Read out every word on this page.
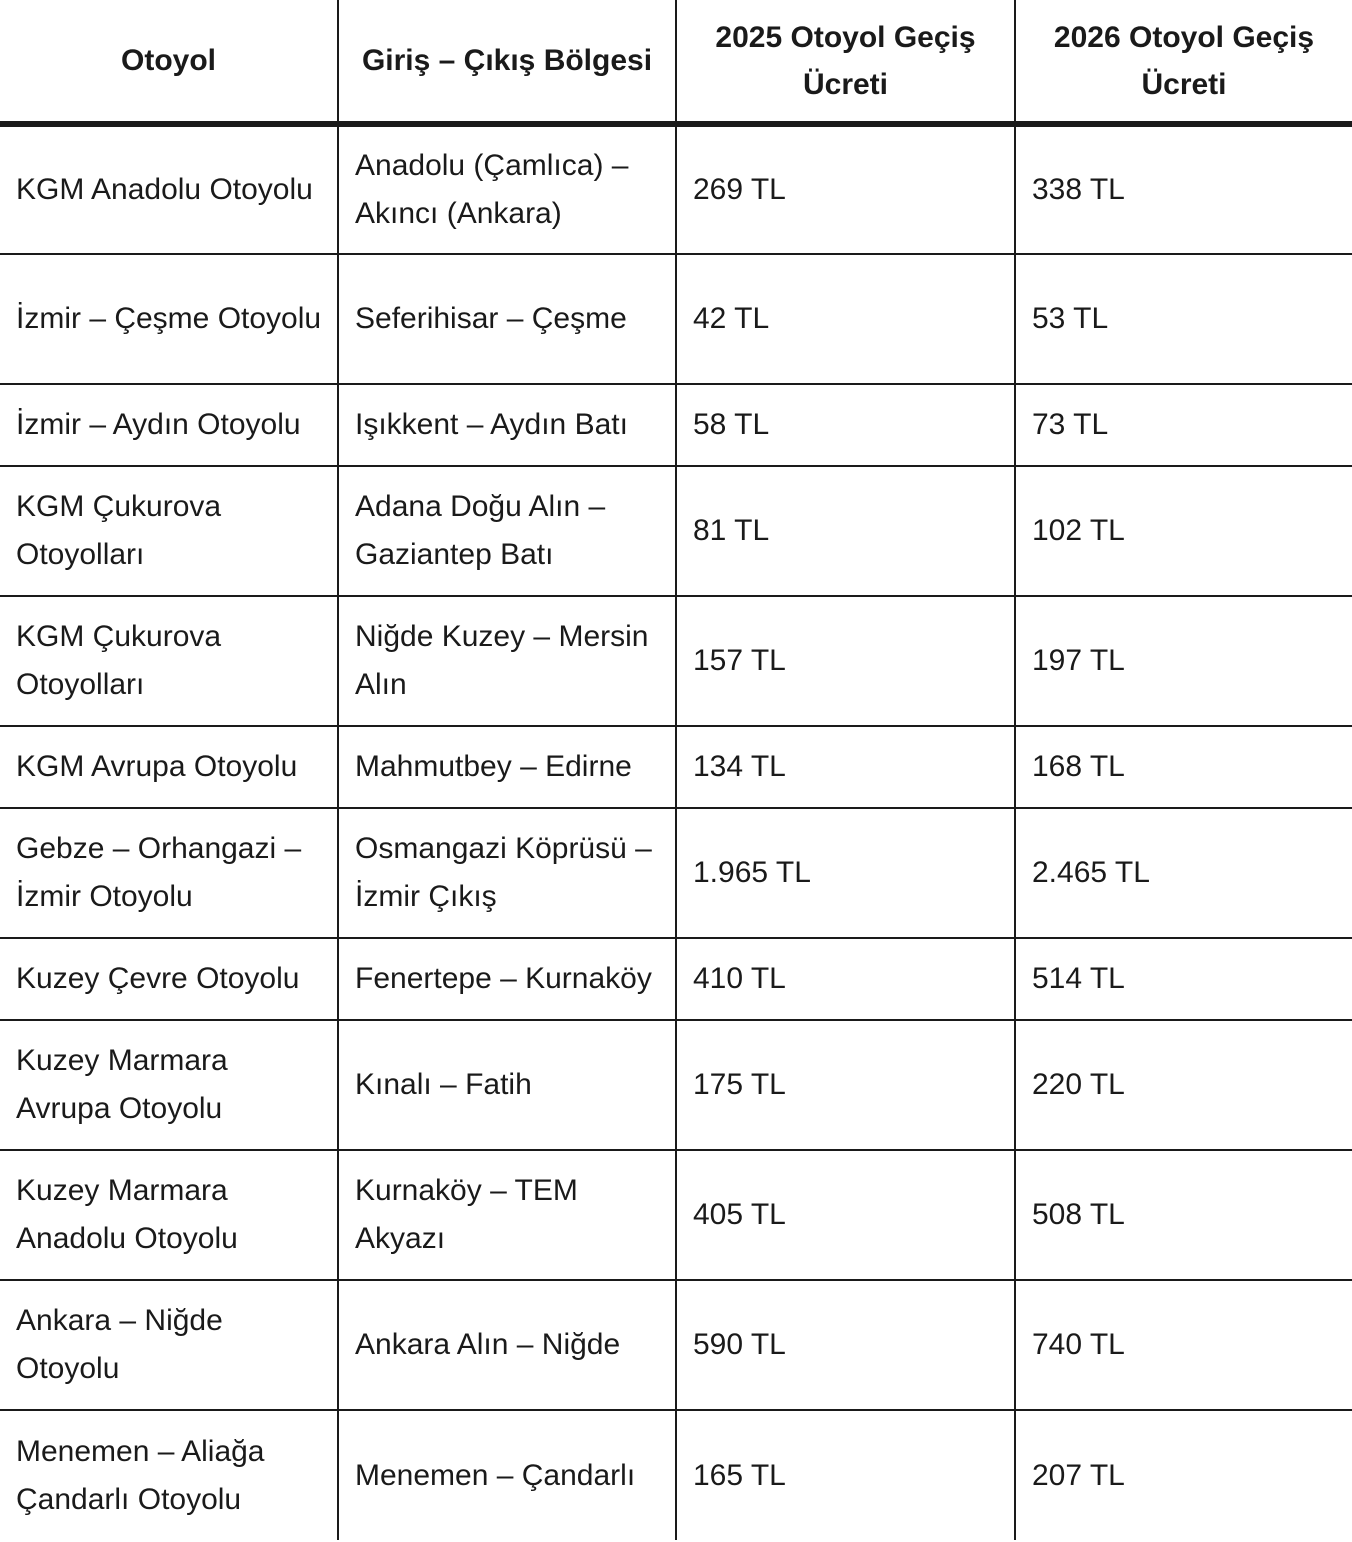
Otoyol	Giriş – Çıkış Bölgesi	2025 Otoyol Geçiş Ücreti	2026 Otoyol Geçiş Ücreti
KGM Anadolu Otoyolu	Anadolu (Çamlıca) – Akıncı (Ankara)	269 TL	338 TL
İzmir – Çeşme Otoyolu	Seferihisar – Çeşme	42 TL	53 TL
İzmir – Aydın Otoyolu	Işıkkent – Aydın Batı	58 TL	73 TL
KGM Çukurova Otoyolları	Adana Doğu Alın – Gaziantep Batı	81 TL	102 TL
KGM Çukurova Otoyolları	Niğde Kuzey – Mersin Alın	157 TL	197 TL
KGM Avrupa Otoyolu	Mahmutbey – Edirne	134 TL	168 TL
Gebze – Orhangazi – İzmir Otoyolu	Osmangazi Köprüsü – İzmir Çıkış	1.965 TL	2.465 TL
Kuzey Çevre Otoyolu	Fenertepe – Kurnaköy	410 TL	514 TL
Kuzey Marmara Avrupa Otoyolu	Kınalı – Fatih	175 TL	220 TL
Kuzey Marmara Anadolu Otoyolu	Kurnaköy – TEM Akyazı	405 TL	508 TL
Ankara – Niğde Otoyolu	Ankara Alın – Niğde	590 TL	740 TL
Menemen – Aliağa Çandarlı Otoyolu	Menemen – Çandarlı	165 TL	207 TL
